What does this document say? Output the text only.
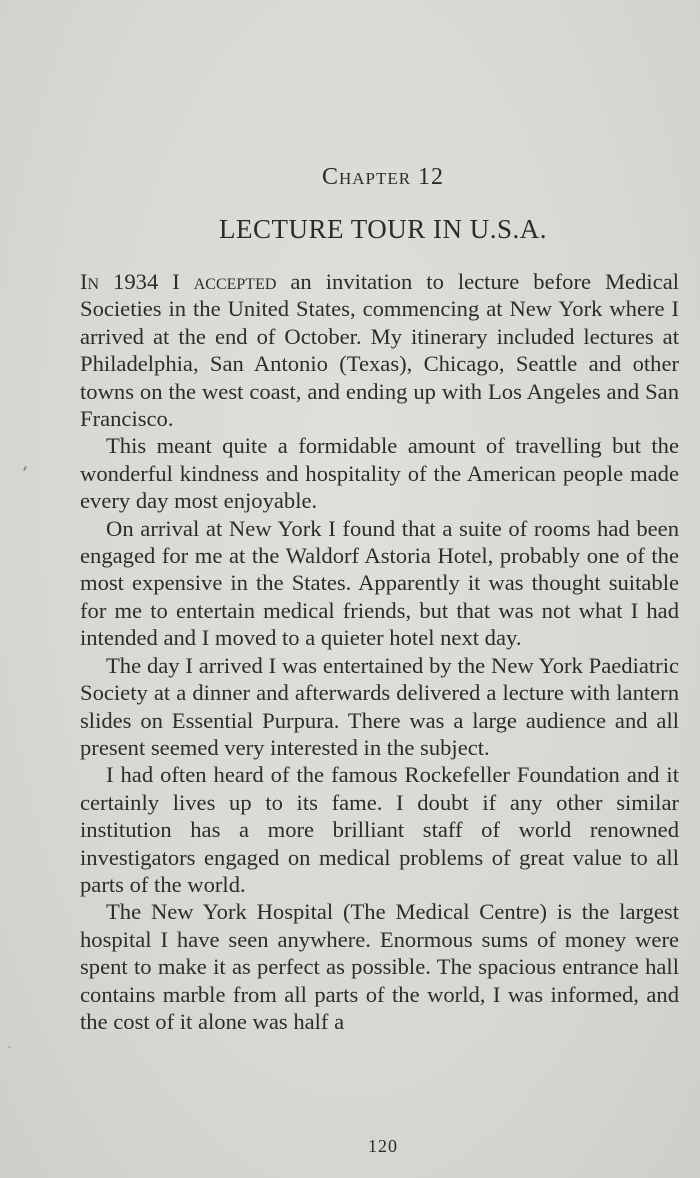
Chapter 12
LECTURE TOUR IN U.S.A.

In 1934 I accepted an invitation to lecture before Medical Societies in the United States, commencing at New York where I arrived at the end of October. My itinerary included lectures at Philadelphia, San Antonio (Texas), Chicago, Seattle and other towns on the west coast, and ending up with Los Angeles and San Francisco.

This meant quite a formidable amount of travelling but the wonderful kindness and hospitality of the American people made every day most enjoyable.

On arrival at New York I found that a suite of rooms had been engaged for me at the Waldorf Astoria Hotel, probably one of the most expensive in the States. Apparently it was thought suitable for me to entertain medical friends, but that was not what I had intended and I moved to a quieter hotel next day.

The day I arrived I was entertained by the New York Paediatric Society at a dinner and afterwards delivered a lecture with lantern slides on Essential Purpura. There was a large audience and all present seemed very interested in the subject.

I had often heard of the famous Rockefeller Foundation and it certainly lives up to its fame. I doubt if any other similar institution has a more brilliant staff of world renowned investigators engaged on medical problems of great value to all parts of the world.

The New York Hospital (The Medical Centre) is the largest hospital I have seen anywhere. Enormous sums of money were spent to make it as perfect as possible. The spacious entrance hall contains marble from all parts of the world, I was informed, and the cost of it alone was half a

120
